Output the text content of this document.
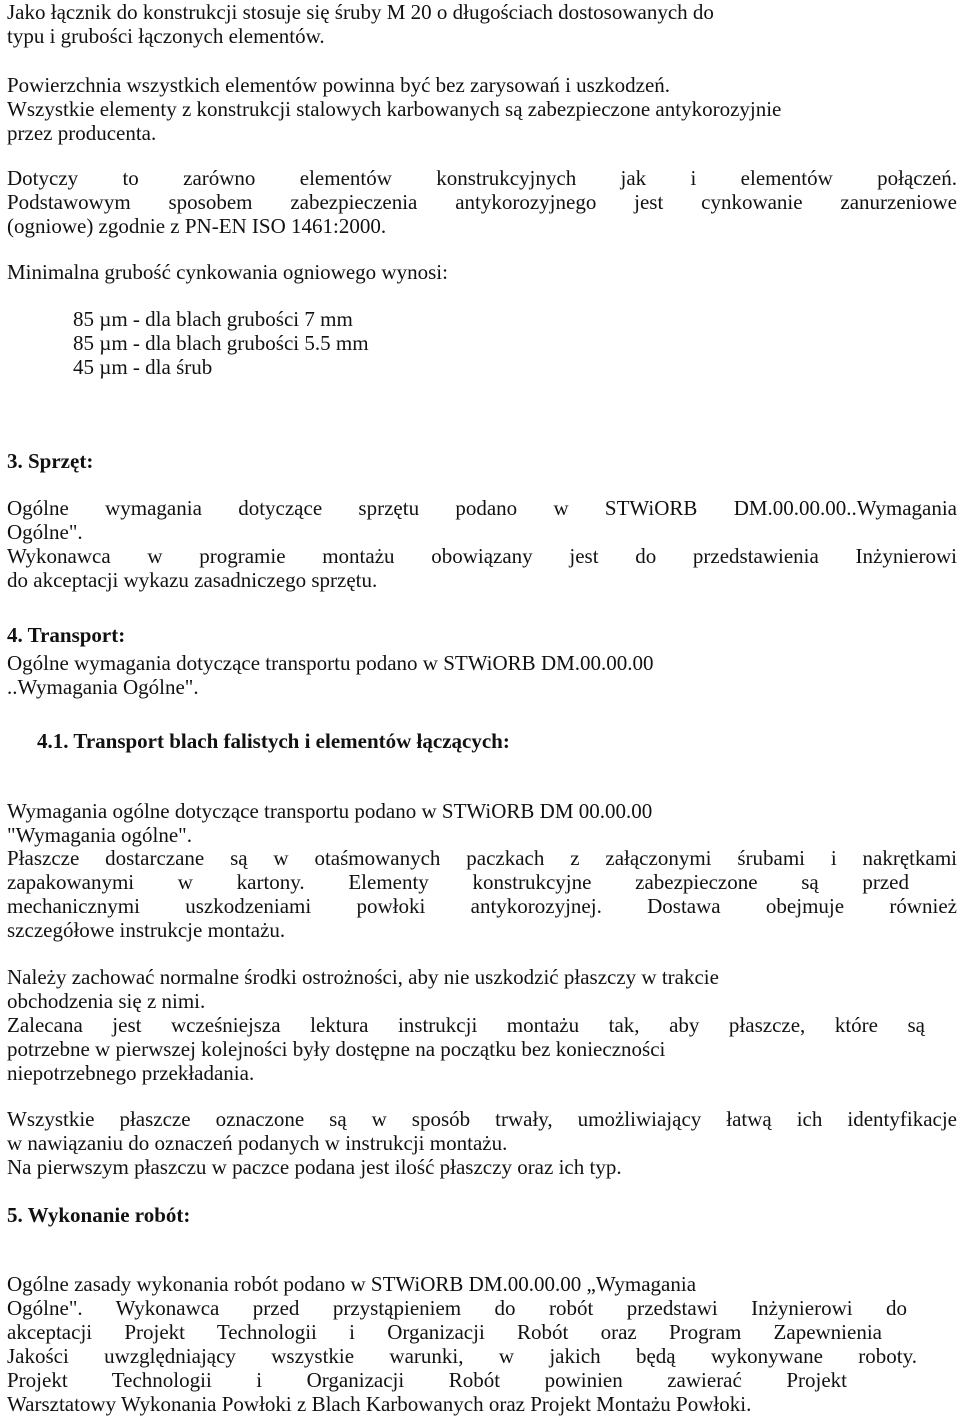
Jako łącznik do konstrukcji stosuje się śruby M 20 o długościach dostosowanych do
typu i grubości łączonych elementów.
Powierzchnia wszystkich elementów powinna być bez zarysowań i uszkodzeń.
Wszystkie elementy z konstrukcji stalowych karbowanych są zabezpieczone antykorozyjnie
przez producenta.
Dotyczy to zarówno elementów konstrukcyjnych jak i elementów połączeń.
Podstawowym sposobem zabezpieczenia antykorozyjnego jest cynkowanie zanurzeniowe
(ogniowe) zgodnie z PN-EN ISO 1461:2000.
Minimalna grubość cynkowania ogniowego wynosi:
85 µm - dla blach grubości 7 mm
85 µm - dla blach grubości 5.5 mm
45 µm - dla śrub
3. Sprzęt:
Ogólne wymagania dotyczące sprzętu podano w STWiORB DM.00.00.00..Wymagania
Ogólne".
Wykonawca w programie montażu obowiązany jest do przedstawienia Inżynierowi
do akceptacji wykazu zasadniczego sprzętu.
4. Transport:
Ogólne wymagania dotyczące transportu podano w STWiORB DM.00.00.00
..Wymagania Ogólne".
4.1. Transport blach falistych i elementów łączących:
Wymagania ogólne dotyczące transportu podano w STWiORB DM 00.00.00
"Wymagania ogólne".
Płaszcze dostarczane są w otaśmowanych paczkach z załączonymi śrubami i nakrętkami
zapakowanymi w kartony. Elementy konstrukcyjne zabezpieczone są przed
mechanicznymi uszkodzeniami powłoki antykorozyjnej. Dostawa obejmuje również
szczegółowe instrukcje montażu.
Należy zachować normalne środki ostrożności, aby nie uszkodzić płaszczy w trakcie
obchodzenia się z nimi.
Zalecana jest wcześniejsza lektura instrukcji montażu tak, aby płaszcze, które są
potrzebne w pierwszej kolejności były dostępne na początku bez konieczności
niepotrzebnego przekładania.
Wszystkie płaszcze oznaczone są w sposób trwały, umożliwiający łatwą ich identyfikacje
w nawiązaniu do oznaczeń podanych w instrukcji montażu.
Na pierwszym płaszczu w paczce podana jest ilość płaszczy oraz ich typ.
5. Wykonanie robót:
Ogólne zasady wykonania robót podano w STWiORB DM.00.00.00 „Wymagania
Ogólne". Wykonawca przed przystąpieniem do robót przedstawi Inżynierowi do
akceptacji Projekt Technologii i Organizacji Robót oraz Program Zapewnienia
Jakości uwzględniający wszystkie warunki, w jakich będą wykonywane roboty.
Projekt Technologii i Organizacji Robót powinien zawierać Projekt
Warsztatowy Wykonania Powłoki z Blach Karbowanych oraz Projekt Montażu Powłoki.
